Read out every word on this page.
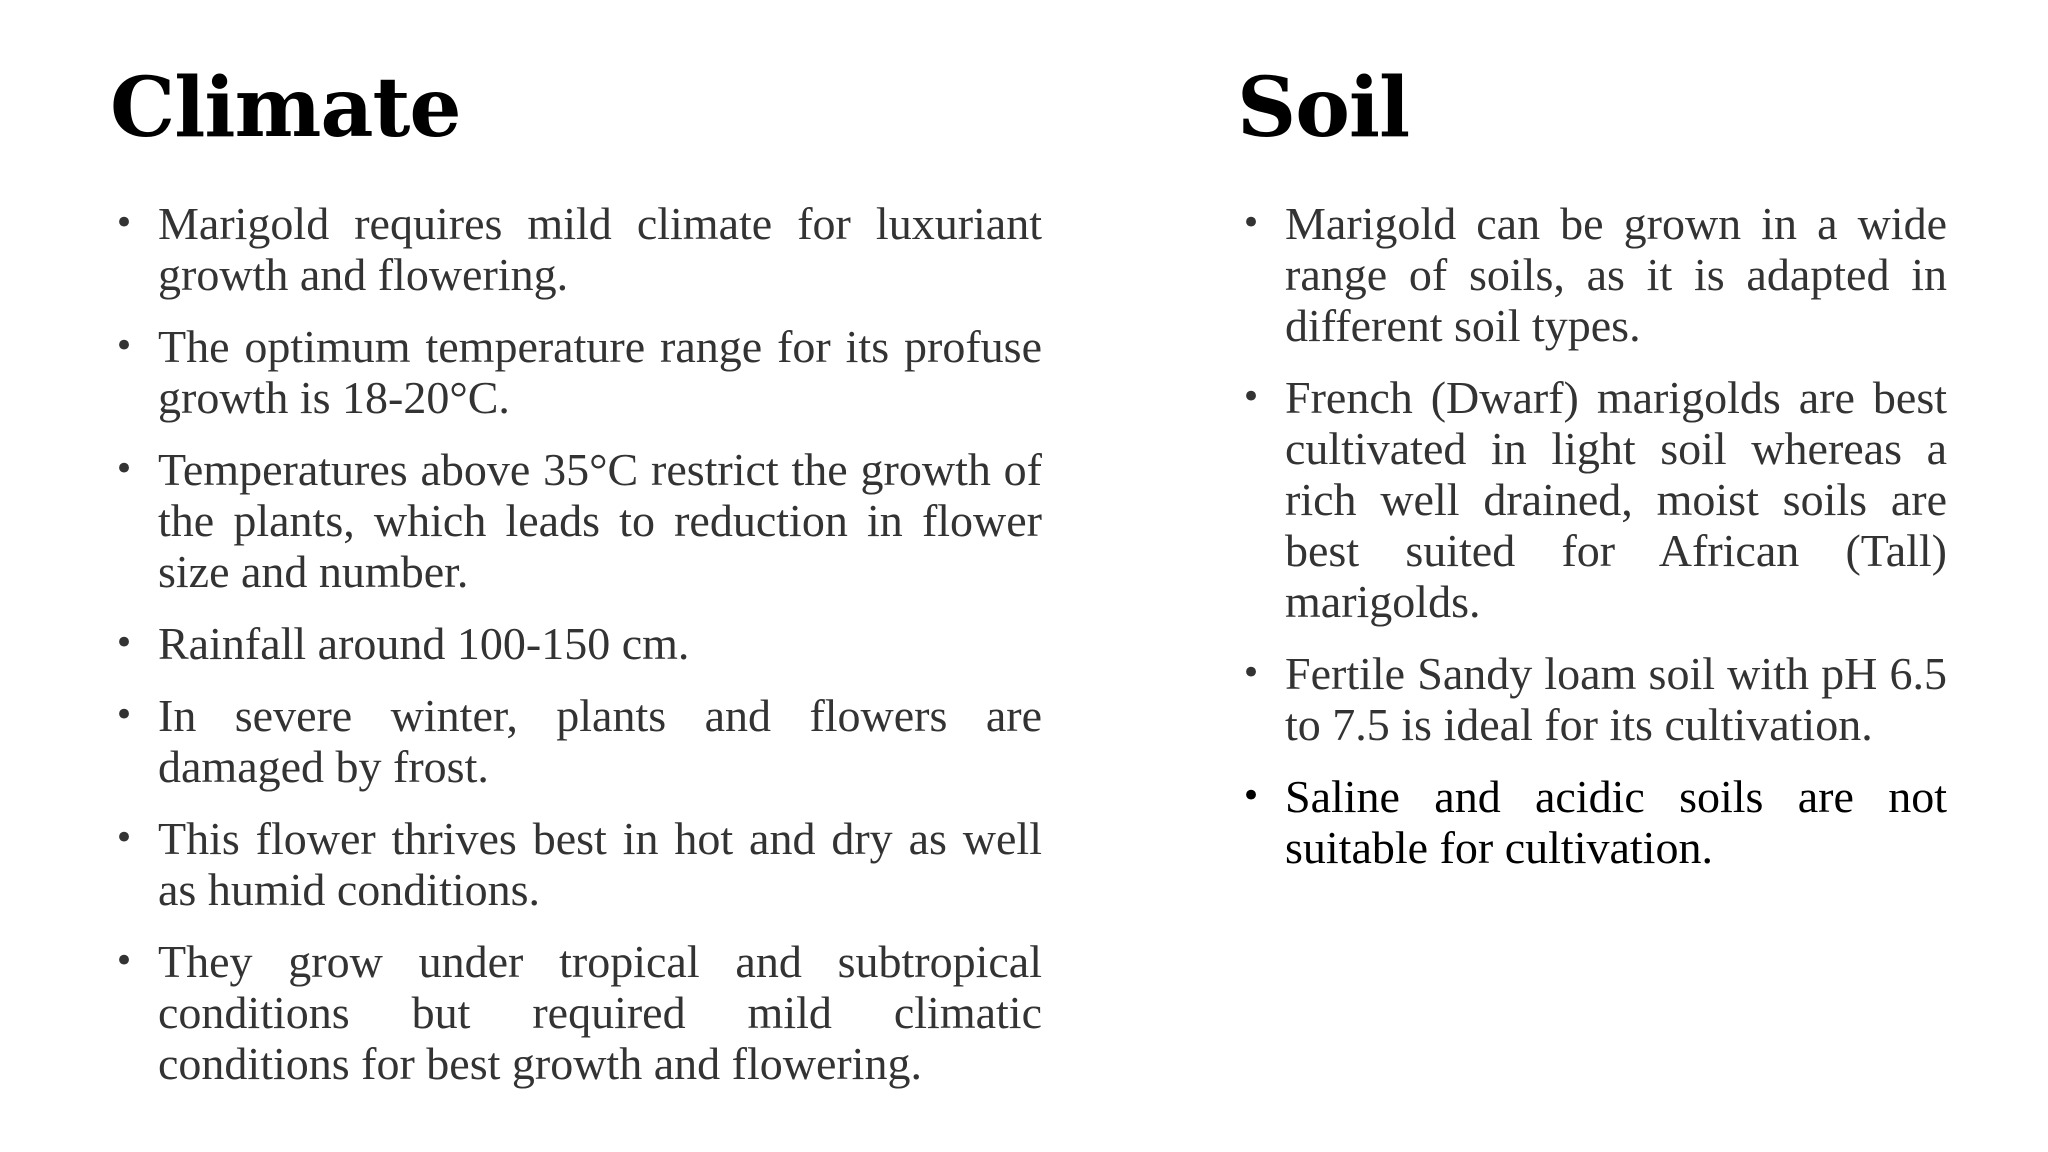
Climate
• Marigold requires mild climate for luxuriant growth and flowering.
• The optimum temperature range for its profuse growth is 18-20°C.
• Temperatures above 35°C restrict the growth of the plants, which leads to reduction in flower size and number.
• Rainfall around 100-150 cm.
• In severe winter, plants and flowers are damaged by frost.
• This flower thrives best in hot and dry as well as humid conditions.
• They grow under tropical and subtropical conditions but required mild climatic conditions for best growth and flowering.
Soil
• Marigold can be grown in a wide range of soils, as it is adapted in different soil types.
• French (Dwarf) marigolds are best cultivated in light soil whereas a rich well drained, moist soils are best suited for African (Tall) marigolds.
• Fertile Sandy loam soil with pH 6.5 to 7.5 is ideal for its cultivation.
• Saline and acidic soils are not suitable for cultivation.
